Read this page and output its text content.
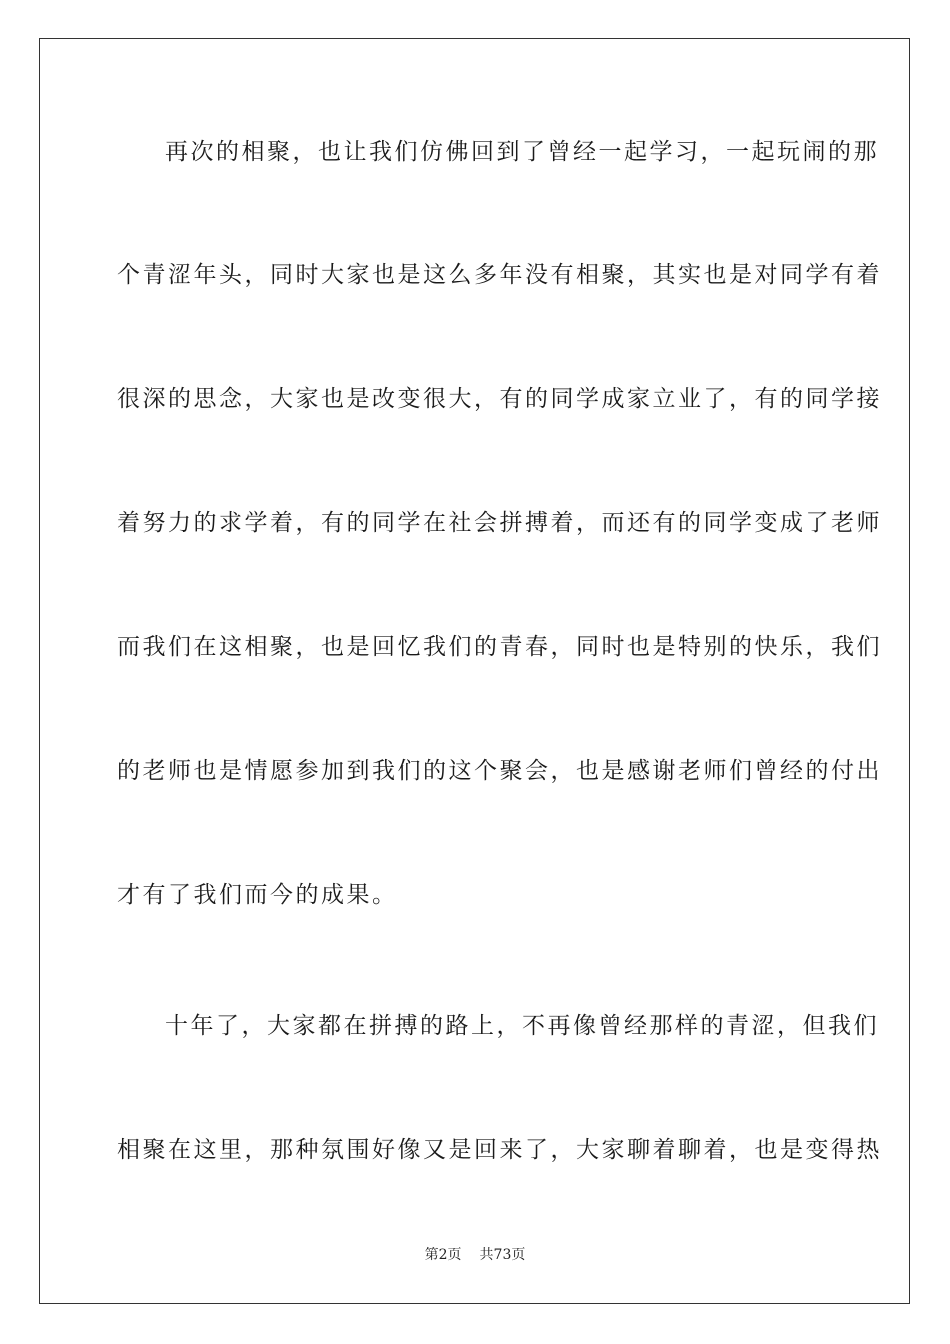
再次的相聚，也让我们仿佛回到了曾经一起学习，一起玩闹的那
个青涩年头，同时大家也是这么多年没有相聚，其实也是对同学有着
很深的思念，大家也是改变很大，有的同学成家立业了，有的同学接
着努力的求学着，有的同学在社会拼搏着，而还有的同学变成了老师
而我们在这相聚，也是回忆我们的青春，同时也是特别的快乐，我们
的老师也是情愿参加到我们的这个聚会，也是感谢老师们曾经的付出
才有了我们而今的成果。
十年了，大家都在拼搏的路上，不再像曾经那样的青涩，但我们
相聚在这里，那种氛围好像又是回来了，大家聊着聊着，也是变得热
第2页 共73页
